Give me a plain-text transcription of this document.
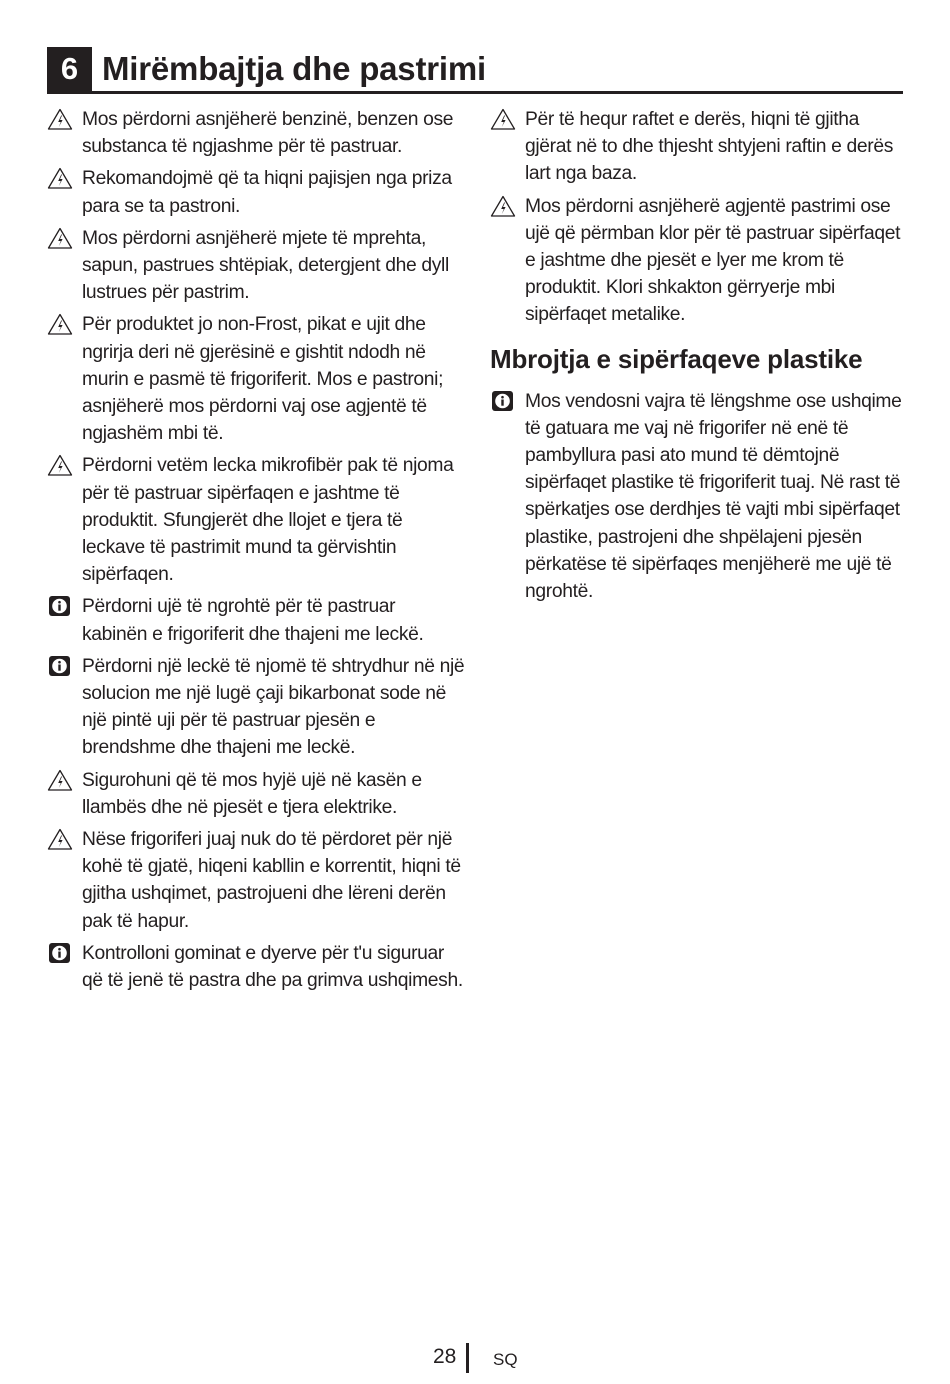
6 Mirëmbajtja dhe pastrimi
Mos përdorni asnjëherë benzinë, benzen ose substanca të ngjashme për të pastruar.
Rekomandojmë që ta hiqni pajisjen nga priza para se ta pastroni.
Mos përdorni asnjëherë mjete të mprehta, sapun, pastrues shtëpiak, detergjent dhe dyll lustrues për pastrim.
Për produktet jo non-Frost, pikat e ujit dhe ngrirja deri në gjerësinë e gishtit ndodh në murin e pasmë të frigoriferit. Mos e pastroni; asnjëherë mos përdorni vaj ose agjentë të ngjashëm mbi të.
Përdorni vetëm lecka mikrofibër pak të njoma për të pastruar sipërfaqen e jashtme të produktit. Sfungjerët dhe llojet e tjera të leckave të pastrimit mund ta gërvishtin sipërfaqen.
Përdorni ujë të ngrohtë për të pastruar kabinën e frigoriferit dhe thajeni me leckë.
Përdorni një leckë të njomë të shtrydhur në një solucion me një lugë çaji bikarbonat sode në një pintë uji për të pastruar pjesën e brendshme dhe thajeni me leckë.
Sigurohuni që të mos hyjë ujë në kasën e llambës dhe në pjesët e tjera elektrike.
Nëse frigoriferi juaj nuk do të përdoret për një kohë të gjatë, hiqeni kabllin e korrentit, hiqni të gjitha ushqimet, pastrojueni dhe lëreni derën pak të hapur.
Kontrolloni gominat e dyerve për t'u siguruar që të jenë të pastra dhe pa grimva ushqimesh.
Për të hequr raftet e derës, hiqni të gjitha gjërat në to dhe thjesht shtyjeni raftin e derës lart nga baza.
Mos përdorni asnjëherë agjentë pastrimi ose ujë që përmban klor për të pastruar sipërfaqet e jashtme dhe pjesët e lyer me krom të produktit. Klori shkakton gërryerje mbi sipërfaqet metalike.
Mbrojtja e sipërfaqeve plastike
Mos vendosni vajra të lëngshme ose ushqime të gatuara me vaj në frigorifer në enë të pambyllura pasi ato mund të dëmtojnë sipërfaqet plastike të frigoriferit tuaj. Në rast të spërkatjes ose derdhjes të vajti mbi sipërfaqet plastike, pastrojeni dhe shpëlajeni pjesën përkatëse të sipërfaqes menjëherë me ujë të ngrohtë.
28 SQ
